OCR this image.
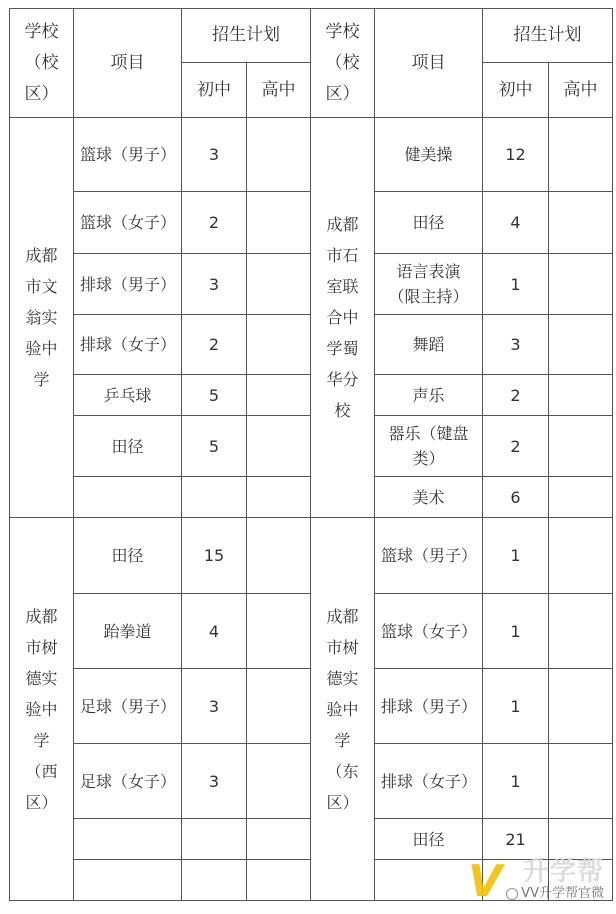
学校（校区）	项目	招生计划		学校（校区）	项目	招生计划	
		初中	高中			初中	高中
成都市文翁实验中学	篮球（男子）	3		成都市石室联合中学蜀华分校	健美操	12	
	篮球（女子）	2			田径	4	
	排球（男子）	3			语言表演（限主持）	1	
	排球（女子）	2			舞蹈	3	
	乒乓球	5			声乐	2	
	田径	5			器乐（键盘类）	2	
					美术	6	
成都市树德实验中学（西区）	田径	15		成都市树德实验中学（东区）	篮球（男子）	1	
	跆拳道	4			篮球（女子）	1	
	足球（男子）	3			排球（男子）	1	
	足球（女子）	3			排球（女子）	1	
					田径	21	

V 升学帮
VV升学帮官微
